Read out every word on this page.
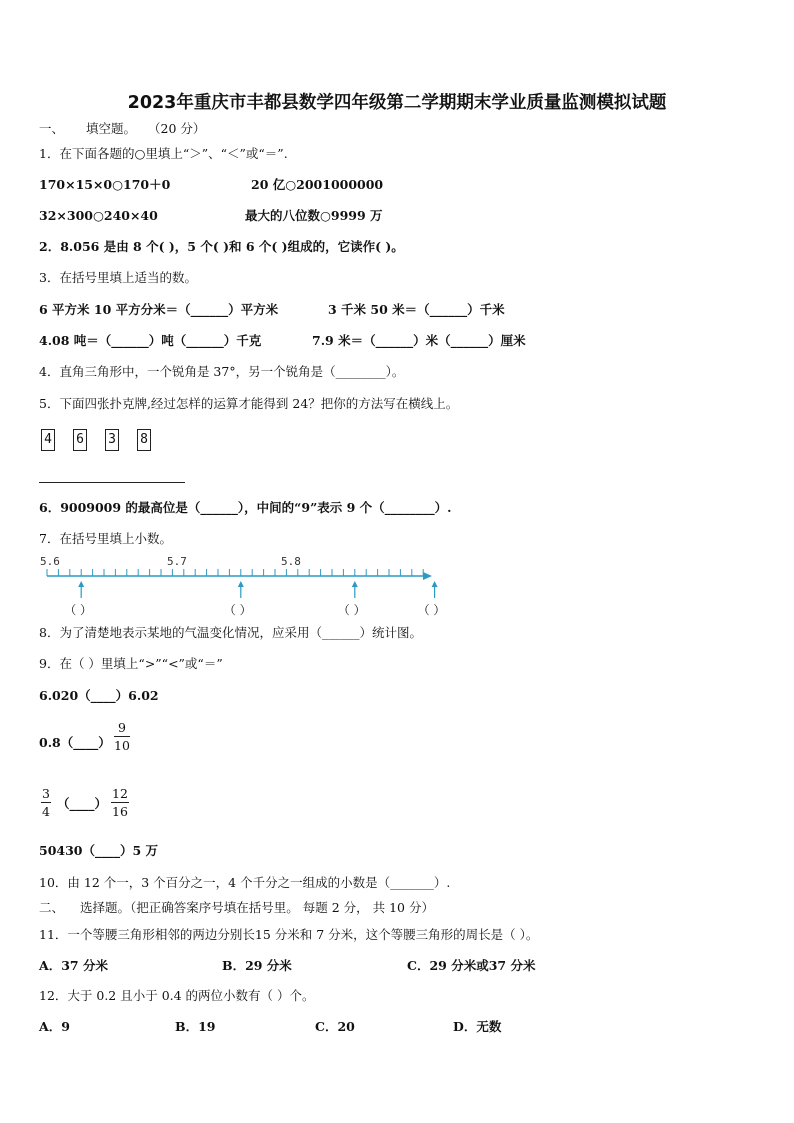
2023年重庆市丰都县数学四年级第二学期期末学业质量监测模拟试题
一、 填空题。 （20 分）
1．在下面各题的○里填上“＞”、“＜”或“＝”.
170×15×0○170＋0	20 亿○2001000000
32×300○240×40	最大的八位数○9999 万
2．8.056 是由 8 个( )，5 个( )和 6 个( )组成的，它读作( )。
3．在括号里填上适当的数。
6 平方米 10 平方分米＝（______）平方米	3 千米 50 米＝（______）千米
4.08 吨＝（______）吨（______）千克	7.9 米＝（______）米（______）厘米
4．直角三角形中，一个锐角是 37°，另一个锐角是（________）。
5．下面四张扑克牌,经过怎样的运算才能得到 24？把你的方法写在横线上。
4 6 3 8
6．9009009 的最高位是（______），中间的“9”表示 9 个（________）.
7．在括号里填上小数。
5.6	5.7	5.8
（ ）	（ ）	（ ）	（ ）
8．为了清楚地表示某地的气温变化情况，应采用（______）统计图。
9．在（ ）里填上“>”“<”或“＝”
6.020（____）6.02
0.8（____）
9
10
3
4
（____）
12
16
50430（____）5 万
10．由 12 个一，3 个百分之一，4 个千分之一组成的小数是（_______）.
二、 选择题。（把正确答案序号填在括号里。 每题 2 分， 共 10 分）
11．一个等腰三角形相邻的两边分别长15 分米和 7 分米，这个等腰三角形的周长是（ ）。
A．37 分米	B．29 分米	C．29 分米或37 分米
12．大于 0.2 且小于 0.4 的两位小数有（ ）个。
A．9	B．19	C．20	D．无数
